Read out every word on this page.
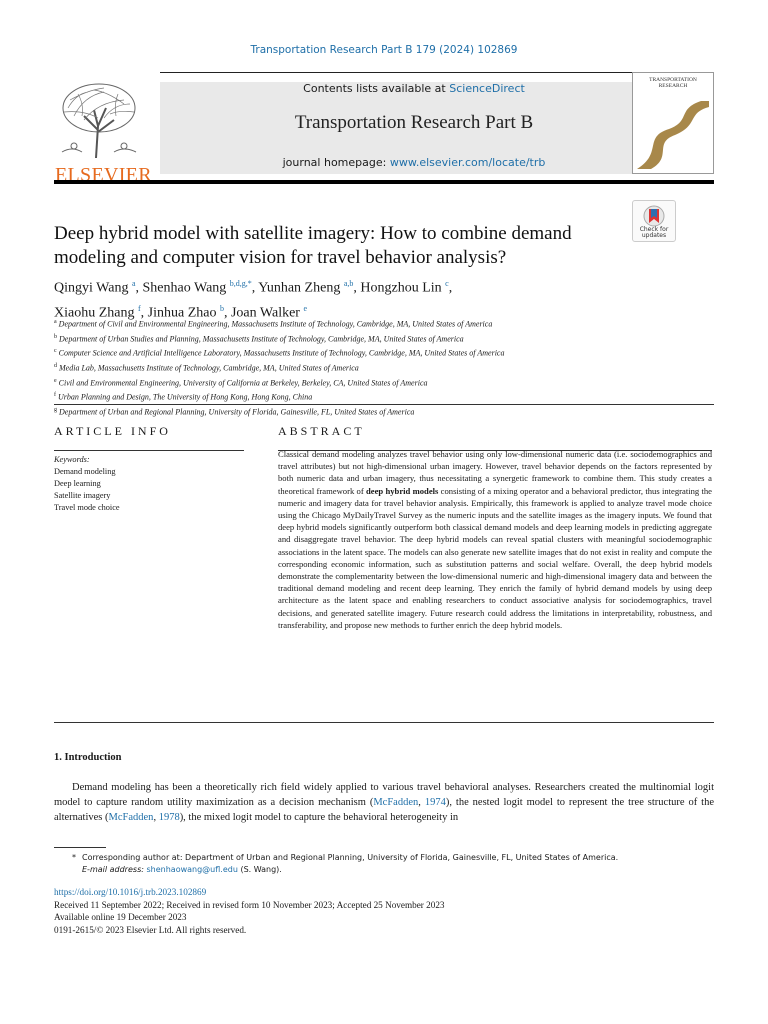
Transportation Research Part B 179 (2024) 102869
ELSEVIER
Contents lists available at ScienceDirect
Transportation Research Part B
journal homepage: www.elsevier.com/locate/trb
TRANSPORTATION
RESEARCH
Check for
updates
Deep hybrid model with satellite imagery: How to combine demand modeling and computer vision for travel behavior analysis?
Qingyi Wang $^a$, Shenhao Wang $^{b,d,g,*}$, Yunhan Zheng $^{a,b}$, Hongzhou Lin $^c$,
Xiaohu Zhang $^f$, Jinhua Zhao $^b$, Joan Walker $^e$
$^a$ Department of Civil and Environmental Engineering, Massachusetts Institute of Technology, Cambridge, MA, United States of America
$^b$ Department of Urban Studies and Planning, Massachusetts Institute of Technology, Cambridge, MA, United States of America
$^c$ Computer Science and Artificial Intelligence Laboratory, Massachusetts Institute of Technology, Cambridge, MA, United States of America
$^d$ Media Lab, Massachusetts Institute of Technology, Cambridge, MA, United States of America
$^e$ Civil and Environmental Engineering, University of California at Berkeley, Berkeley, CA, United States of America
$^f$ Urban Planning and Design, The University of Hong Kong, Hong Kong, China
$^g$ Department of Urban and Regional Planning, University of Florida, Gainesville, FL, United States of America
ARTICLE INFO	ABSTRACT
Keywords:
Demand modeling
Deep learning
Satellite imagery
Travel mode choice
Classical demand modeling analyzes travel behavior using only low-dimensional numeric data (i.e. sociodemographics and travel attributes) but not high-dimensional urban imagery. However, travel behavior depends on the factors represented by both numeric data and urban imagery, thus necessitating a synergetic framework to combine them. This study creates a theoretical framework of deep hybrid models consisting of a mixing operator and a behavioral predictor, thus integrating the numeric and imagery data for travel behavior analysis. Empirically, this framework is applied to analyze travel mode choice using the Chicago MyDailyTravel Survey as the numeric inputs and the satellite images as the imagery inputs. We found that deep hybrid models significantly outperform both classical demand models and deep learning models in predicting aggregate and disaggregate travel behavior. The deep hybrid models can reveal spatial clusters with meaningful sociodemographic associations in the latent space. The models can also generate new satellite images that do not exist in reality and compute the corresponding economic information, such as substitution patterns and social welfare. Overall, the deep hybrid models demonstrate the complementarity between the low-dimensional numeric and high-dimensional imagery data and between the traditional demand modeling and recent deep learning. They enrich the family of hybrid demand models by using deep architecture as the latent space and enabling researchers to conduct associative analysis for sociodemographics, travel decisions, and generated satellite imagery. Future research could address the limitations in interpretability, robustness, and transferability, and propose new methods to further enrich the deep hybrid models.
1. Introduction
Demand modeling has been a theoretically rich field widely applied to various travel behavioral analyses. Researchers created the multinomial logit model to capture random utility maximization as a decision mechanism (McFadden, 1974), the nested logit model to represent the tree structure of the alternatives (McFadden, 1978), the mixed logit model to capture the behavioral heterogeneity in
* Corresponding author at: Department of Urban and Regional Planning, University of Florida, Gainesville, FL, United States of America.
E-mail address: shenhaowang@ufl.edu (S. Wang).
https://doi.org/10.1016/j.trb.2023.102869
Received 11 September 2022; Received in revised form 10 November 2023; Accepted 25 November 2023
Available online 19 December 2023
0191-2615/© 2023 Elsevier Ltd. All rights reserved.
